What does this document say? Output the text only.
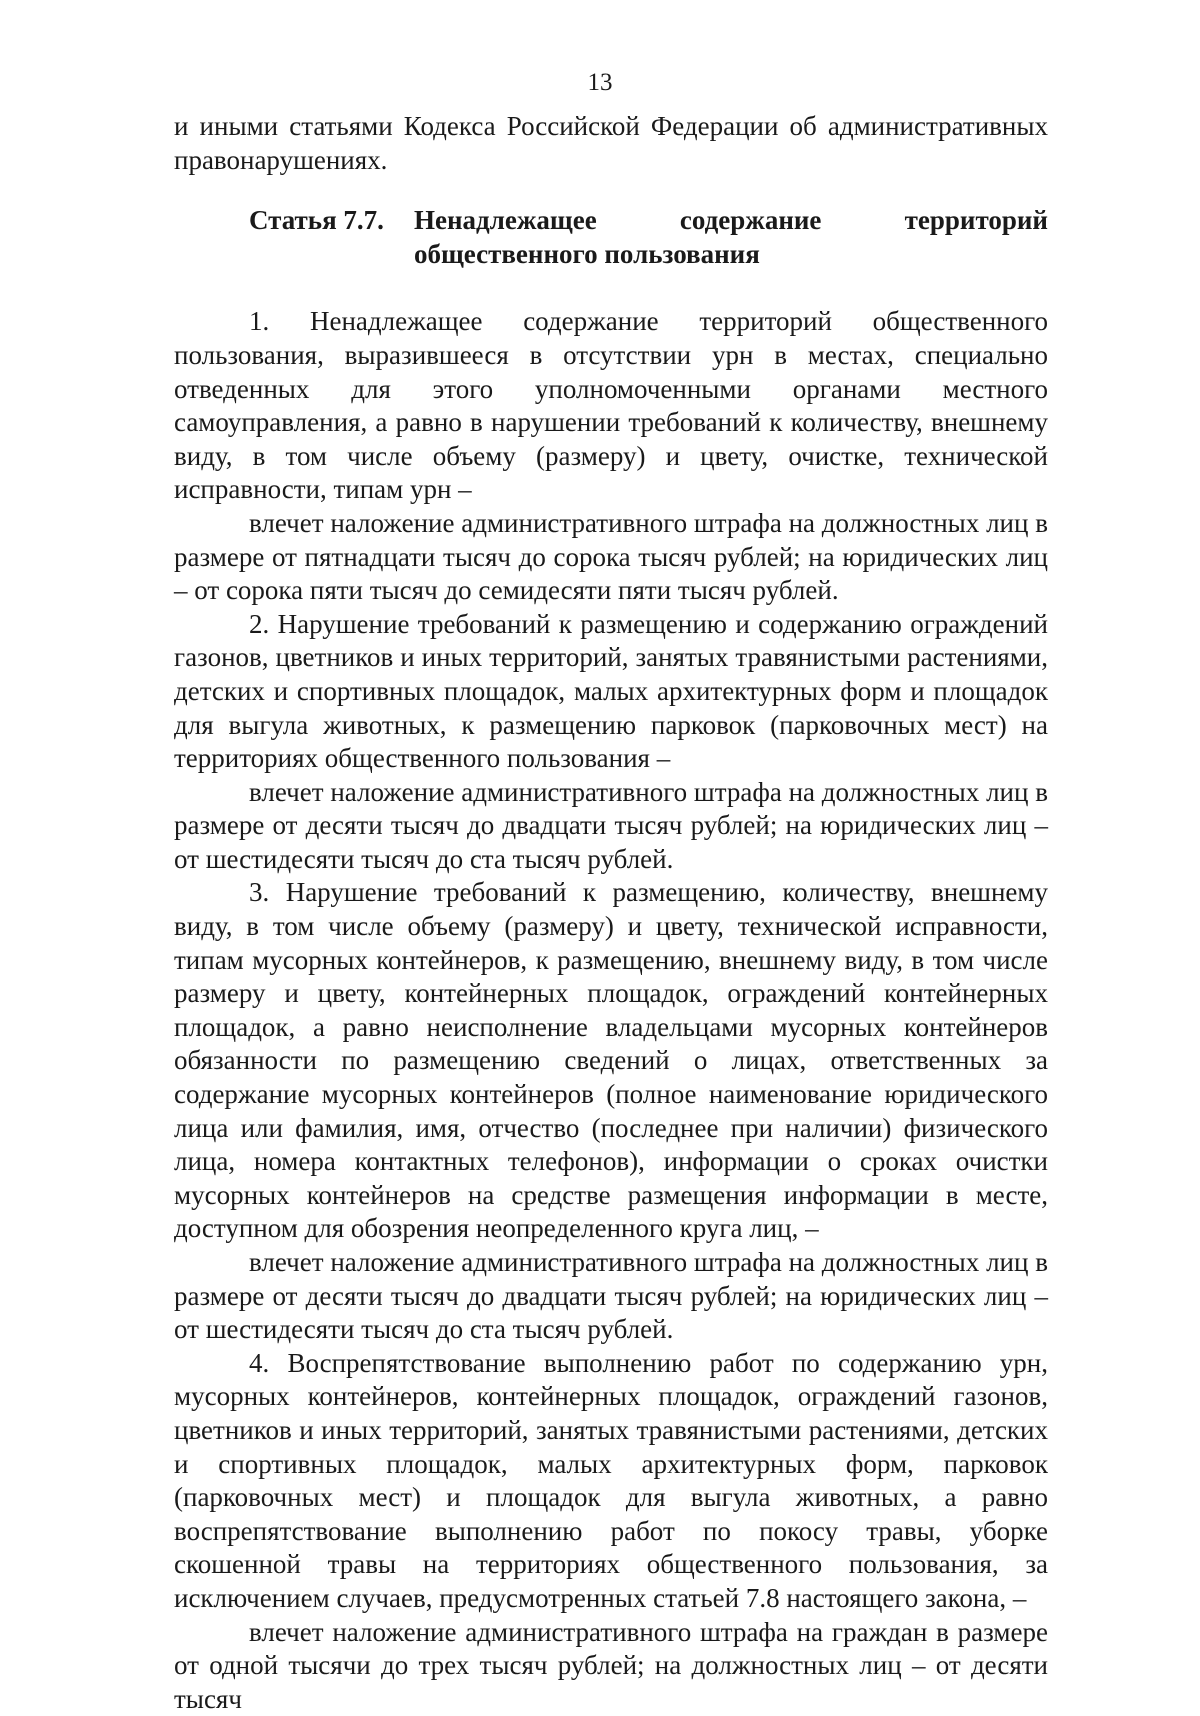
13

и иными статьями Кодекса Российской Федерации об административных правонарушениях.

Статья 7.7.	Ненадлежащее содержание территорий общественного пользования

1. Ненадлежащее содержание территорий общественного пользования, выразившееся в отсутствии урн в местах, специально отведенных для этого уполномоченными органами местного самоуправления, а равно в нарушении требований к количеству, внешнему виду, в том числе объему (размеру) и цвету, очистке, технической исправности, типам урн –

влечет наложение административного штрафа на должностных лиц в размере от пятнадцати тысяч до сорока тысяч рублей; на юридических лиц – от сорока пяти тысяч до семидесяти пяти тысяч рублей.

2. Нарушение требований к размещению и содержанию ограждений газонов, цветников и иных территорий, занятых травянистыми растениями, детских и спортивных площадок, малых архитектурных форм и площадок для выгула животных, к размещению парковок (парковочных мест) на территориях общественного пользования –

влечет наложение административного штрафа на должностных лиц в размере от десяти тысяч до двадцати тысяч рублей; на юридических лиц – от шестидесяти тысяч до ста тысяч рублей.

3. Нарушение требований к размещению, количеству, внешнему виду, в том числе объему (размеру) и цвету, технической исправности, типам мусорных контейнеров, к размещению, внешнему виду, в том числе размеру и цвету, контейнерных площадок, ограждений контейнерных площадок, а равно неисполнение владельцами мусорных контейнеров обязанности по размещению сведений о лицах, ответственных за содержание мусорных контейнеров (полное наименование юридического лица или фамилия, имя, отчество (последнее при наличии) физического лица, номера контактных телефонов), информации о сроках очистки мусорных контейнеров на средстве размещения информации в месте, доступном для обозрения неопределенного круга лиц, –

влечет наложение административного штрафа на должностных лиц в размере от десяти тысяч до двадцати тысяч рублей; на юридических лиц – от шестидесяти тысяч до ста тысяч рублей.

4. Воспрепятствование выполнению работ по содержанию урн, мусорных контейнеров, контейнерных площадок, ограждений газонов, цветников и иных территорий, занятых травянистыми растениями, детских и спортивных площадок, малых архитектурных форм, парковок (парковочных мест) и площадок для выгула животных, а равно воспрепятствование выполнению работ по покосу травы, уборке скошенной травы на территориях общественного пользования, за исключением случаев, предусмотренных статьей 7.8 настоящего закона, –

влечет наложение административного штрафа на граждан в размере от одной тысячи до трех тысяч рублей; на должностных лиц – от десяти тысяч
